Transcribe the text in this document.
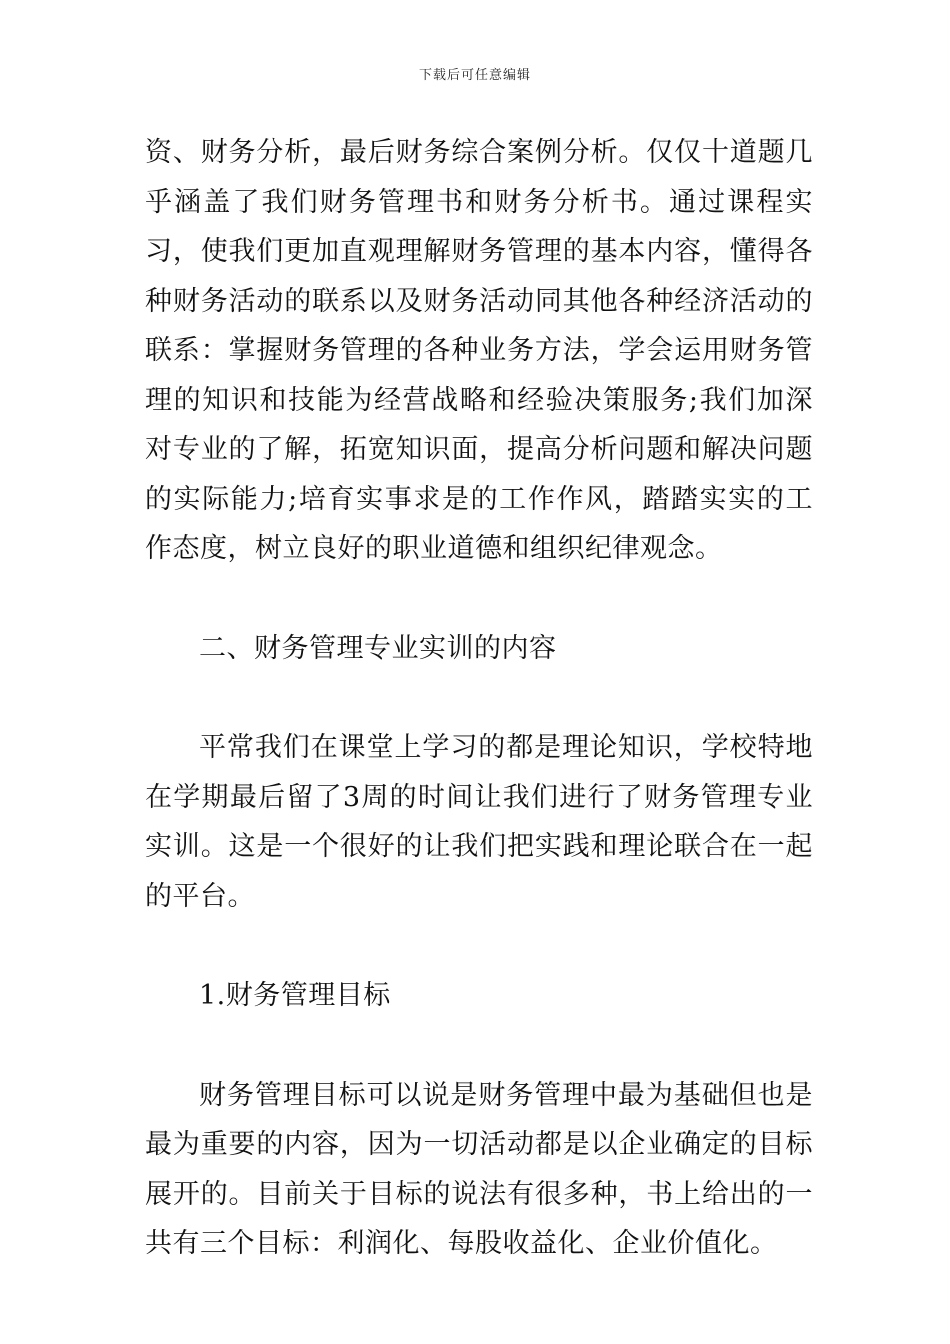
下载后可任意编辑

资、财务分析，最后财务综合案例分析。仅仅十道题几乎涵盖了我们财务管理书和财务分析书。通过课程实习，使我们更加直观理解财务管理的基本内容，懂得各种财务活动的联系以及财务活动同其他各种经济活动的联系：掌握财务管理的各种业务方法，学会运用财务管理的知识和技能为经营战略和经验决策服务;我们加深对专业的了解，拓宽知识面，提高分析问题和解决问题的实际能力;培育实事求是的工作作风，踏踏实实的工作态度，树立良好的职业道德和组织纪律观念。

二、财务管理专业实训的内容

平常我们在课堂上学习的都是理论知识，学校特地在学期最后留了3周的时间让我们进行了财务管理专业实训。这是一个很好的让我们把实践和理论联合在一起的平台。

1.财务管理目标

财务管理目标可以说是财务管理中最为基础但也是最为重要的内容，因为一切活动都是以企业确定的目标展开的。目前关于目标的说法有很多种，书上给出的一共有三个目标：利润化、每股收益化、企业价值化。
